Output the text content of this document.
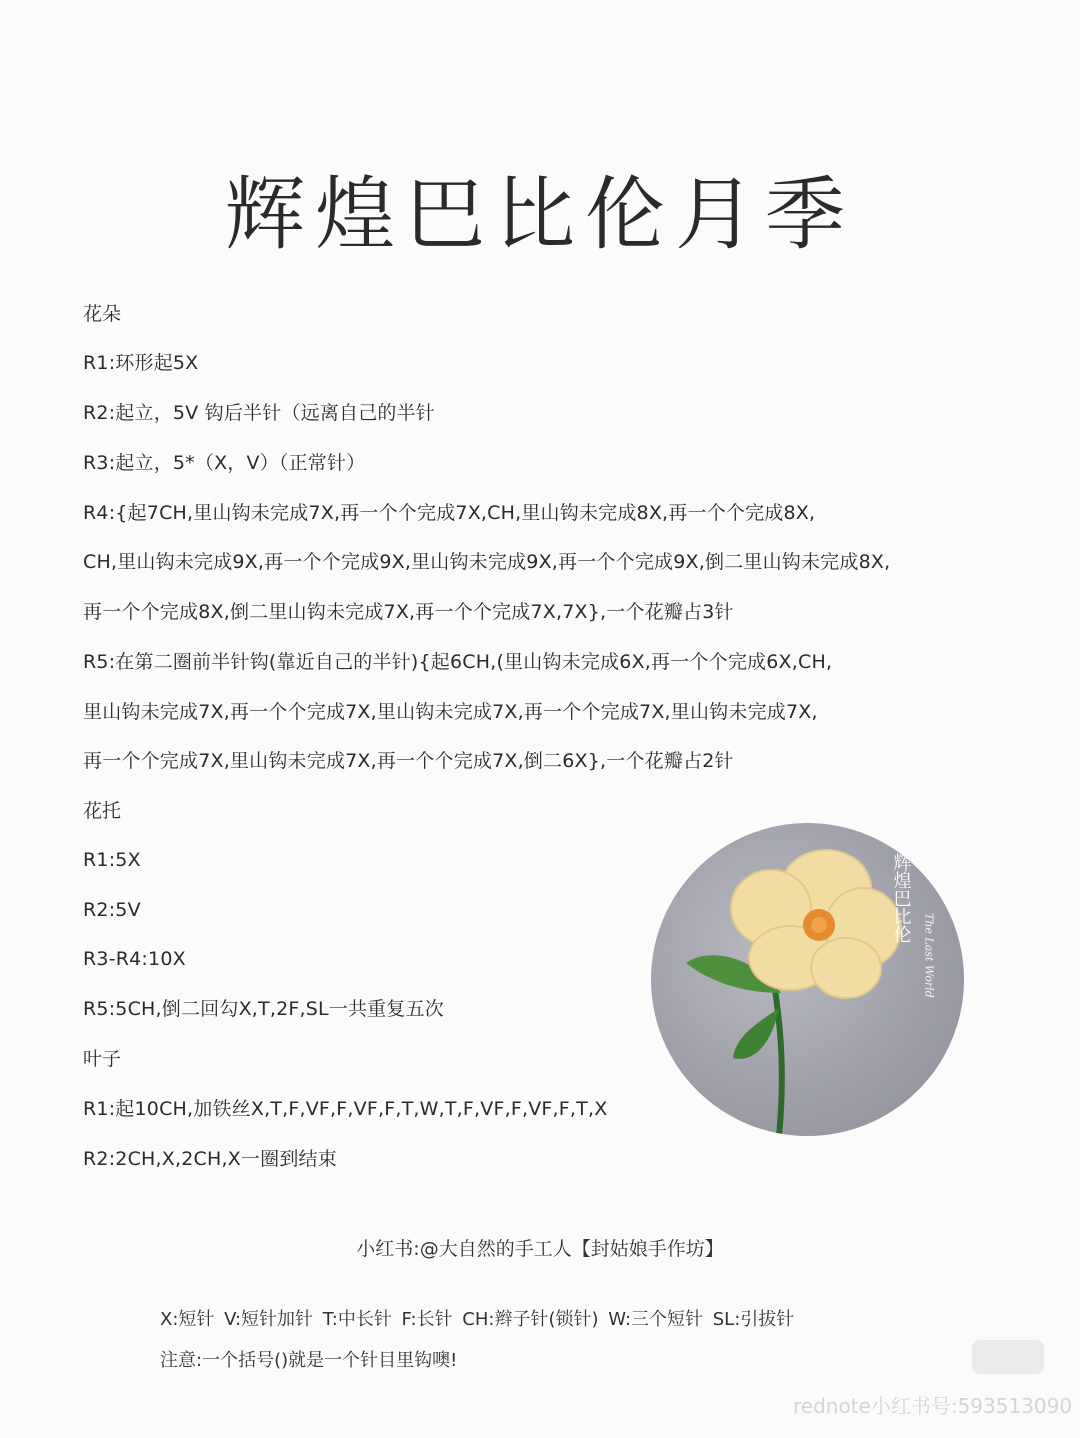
辉煌巴比伦月季
花朵
R1:环形起5X
R2:起立，5V 钩后半针（远离自己的半针
R3:起立，5*（X，V）（正常针）
R4:{起7CH,里山钩未完成7X,再一个个完成7X,CH,里山钩未完成8X,再一个个完成8X,
CH,里山钩未完成9X,再一个个完成9X,里山钩未完成9X,再一个个完成9X,倒二里山钩未完成8X,
再一个个完成8X,倒二里山钩未完成7X,再一个个完成7X,7X},一个花瓣占3针
R5:在第二圈前半针钩(靠近自己的半针){起6CH,(里山钩未完成6X,再一个个完成6X,CH,
里山钩未完成7X,再一个个完成7X,里山钩未完成7X,再一个个完成7X,里山钩未完成7X,
再一个个完成7X,里山钩未完成7X,再一个个完成7X,倒二6X},一个花瓣占2针
花托
R1:5X
R2:5V
R3-R4:10X
R5:5CH,倒二回勾X,T,2F,SL一共重复五次
叶子
R1:起10CH,加铁丝X,T,F,VF,F,VF,F,T,W,T,F,VF,F,VF,F,T,X
R2:2CH,X,2CH,X一圈到结束
辉煌巴比伦
The Last World
小红书:@大自然的手工人【封姑娘手作坊】
X:短针 V:短针加针 T:中长针 F:长针 CH:辫子针(锁针) W:三个短针 SL:引拔针
注意:一个括号()就是一个针目里钩噢!
rednote小红书号:593513090
